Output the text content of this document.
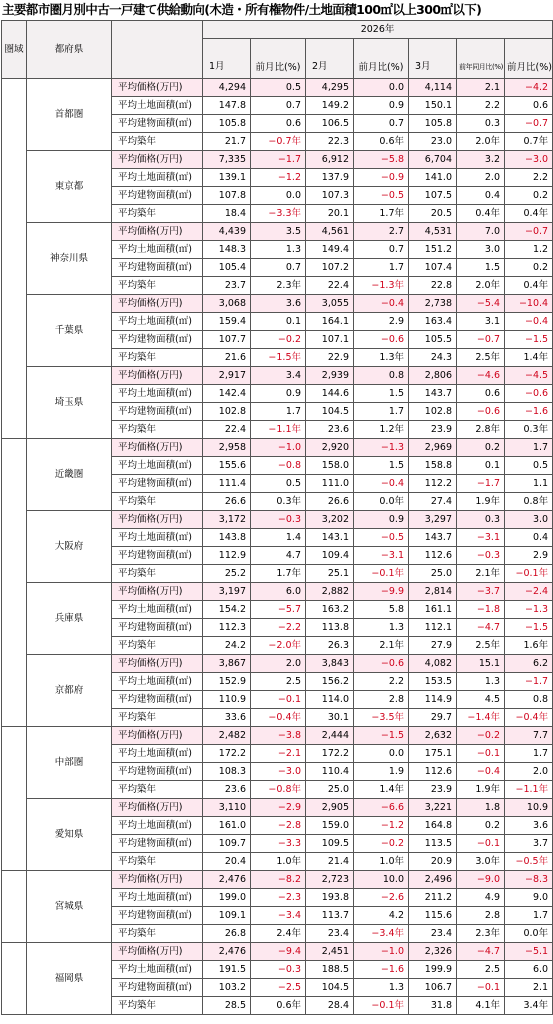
主要都市圏月別中古一戸建て供給動向(木造・所有権物件/土地面積100㎡以上300㎡以下)
圏域	都府県		2026年						
			1月	前月比(%)	2月	前月比(%)	3月	前年同月比(%)	前月比(%)
	首都圏	平均価格(万円)	4,294	0.5	4,295	0.0	4,114	2.1	−4.2
		平均土地面積(㎡)	147.8	0.7	149.2	0.9	150.1	2.2	0.6
		平均建物面積(㎡)	105.8	0.6	106.5	0.7	105.8	0.3	−0.7
		平均築年	21.7	−0.7年	22.3	0.6年	23.0	2.0年	0.7年
	東京都	平均価格(万円)	7,335	−1.7	6,912	−5.8	6,704	3.2	−3.0
		平均土地面積(㎡)	139.1	−1.2	137.9	−0.9	141.0	2.0	2.2
		平均建物面積(㎡)	107.8	0.0	107.3	−0.5	107.5	0.4	0.2
		平均築年	18.4	−3.3年	20.1	1.7年	20.5	0.4年	0.4年
	神奈川県	平均価格(万円)	4,439	3.5	4,561	2.7	4,531	7.0	−0.7
		平均土地面積(㎡)	148.3	1.3	149.4	0.7	151.2	3.0	1.2
		平均建物面積(㎡)	105.4	0.7	107.2	1.7	107.4	1.5	0.2
		平均築年	23.7	2.3年	22.4	−1.3年	22.8	2.0年	0.4年
	千葉県	平均価格(万円)	3,068	3.6	3,055	−0.4	2,738	−5.4	−10.4
		平均土地面積(㎡)	159.4	0.1	164.1	2.9	163.4	3.1	−0.4
		平均建物面積(㎡)	107.7	−0.2	107.1	−0.6	105.5	−0.7	−1.5
		平均築年	21.6	−1.5年	22.9	1.3年	24.3	2.5年	1.4年
	埼玉県	平均価格(万円)	2,917	3.4	2,939	0.8	2,806	−4.6	−4.5
		平均土地面積(㎡)	142.4	0.9	144.6	1.5	143.7	0.6	−0.6
		平均建物面積(㎡)	102.8	1.7	104.5	1.7	102.8	−0.6	−1.6
		平均築年	22.4	−1.1年	23.6	1.2年	23.9	2.8年	0.3年
	近畿圏	平均価格(万円)	2,958	−1.0	2,920	−1.3	2,969	0.2	1.7
		平均土地面積(㎡)	155.6	−0.8	158.0	1.5	158.8	0.1	0.5
		平均建物面積(㎡)	111.4	0.5	111.0	−0.4	112.2	−1.7	1.1
		平均築年	26.6	0.3年	26.6	0.0年	27.4	1.9年	0.8年
	大阪府	平均価格(万円)	3,172	−0.3	3,202	0.9	3,297	0.3	3.0
		平均土地面積(㎡)	143.8	1.4	143.1	−0.5	143.7	−3.1	0.4
		平均建物面積(㎡)	112.9	4.7	109.4	−3.1	112.6	−0.3	2.9
		平均築年	25.2	1.7年	25.1	−0.1年	25.0	2.1年	−0.1年
	兵庫県	平均価格(万円)	3,197	6.0	2,882	−9.9	2,814	−3.7	−2.4
		平均土地面積(㎡)	154.2	−5.7	163.2	5.8	161.1	−1.8	−1.3
		平均建物面積(㎡)	112.3	−2.2	113.8	1.3	112.1	−4.7	−1.5
		平均築年	24.2	−2.0年	26.3	2.1年	27.9	2.5年	1.6年
	京都府	平均価格(万円)	3,867	2.0	3,843	−0.6	4,082	15.1	6.2
		平均土地面積(㎡)	152.9	2.5	156.2	2.2	153.5	1.3	−1.7
		平均建物面積(㎡)	110.9	−0.1	114.0	2.8	114.9	4.5	0.8
		平均築年	33.6	−0.4年	30.1	−3.5年	29.7	−1.4年	−0.4年
	中部圏	平均価格(万円)	2,482	−3.8	2,444	−1.5	2,632	−0.2	7.7
		平均土地面積(㎡)	172.2	−2.1	172.2	0.0	175.1	−0.1	1.7
		平均建物面積(㎡)	108.3	−3.0	110.4	1.9	112.6	−0.4	2.0
		平均築年	23.6	−0.8年	25.0	1.4年	23.9	1.9年	−1.1年
	愛知県	平均価格(万円)	3,110	−2.9	2,905	−6.6	3,221	1.8	10.9
		平均土地面積(㎡)	161.0	−2.8	159.0	−1.2	164.8	0.2	3.6
		平均建物面積(㎡)	109.7	−3.3	109.5	−0.2	113.5	−0.1	3.7
		平均築年	20.4	1.0年	21.4	1.0年	20.9	3.0年	−0.5年
	宮城県	平均価格(万円)	2,476	−8.2	2,723	10.0	2,496	−9.0	−8.3
		平均土地面積(㎡)	199.0	−2.3	193.8	−2.6	211.2	4.9	9.0
		平均建物面積(㎡)	109.1	−3.4	113.7	4.2	115.6	2.8	1.7
		平均築年	26.8	2.4年	23.4	−3.4年	23.4	2.3年	0.0年
	福岡県	平均価格(万円)	2,476	−9.4	2,451	−1.0	2,326	−4.7	−5.1
		平均土地面積(㎡)	191.5	−0.3	188.5	−1.6	199.9	2.5	6.0
		平均建物面積(㎡)	103.2	−2.5	104.5	1.3	106.7	−0.1	2.1
		平均築年	28.5	0.6年	28.4	−0.1年	31.8	4.1年	3.4年
